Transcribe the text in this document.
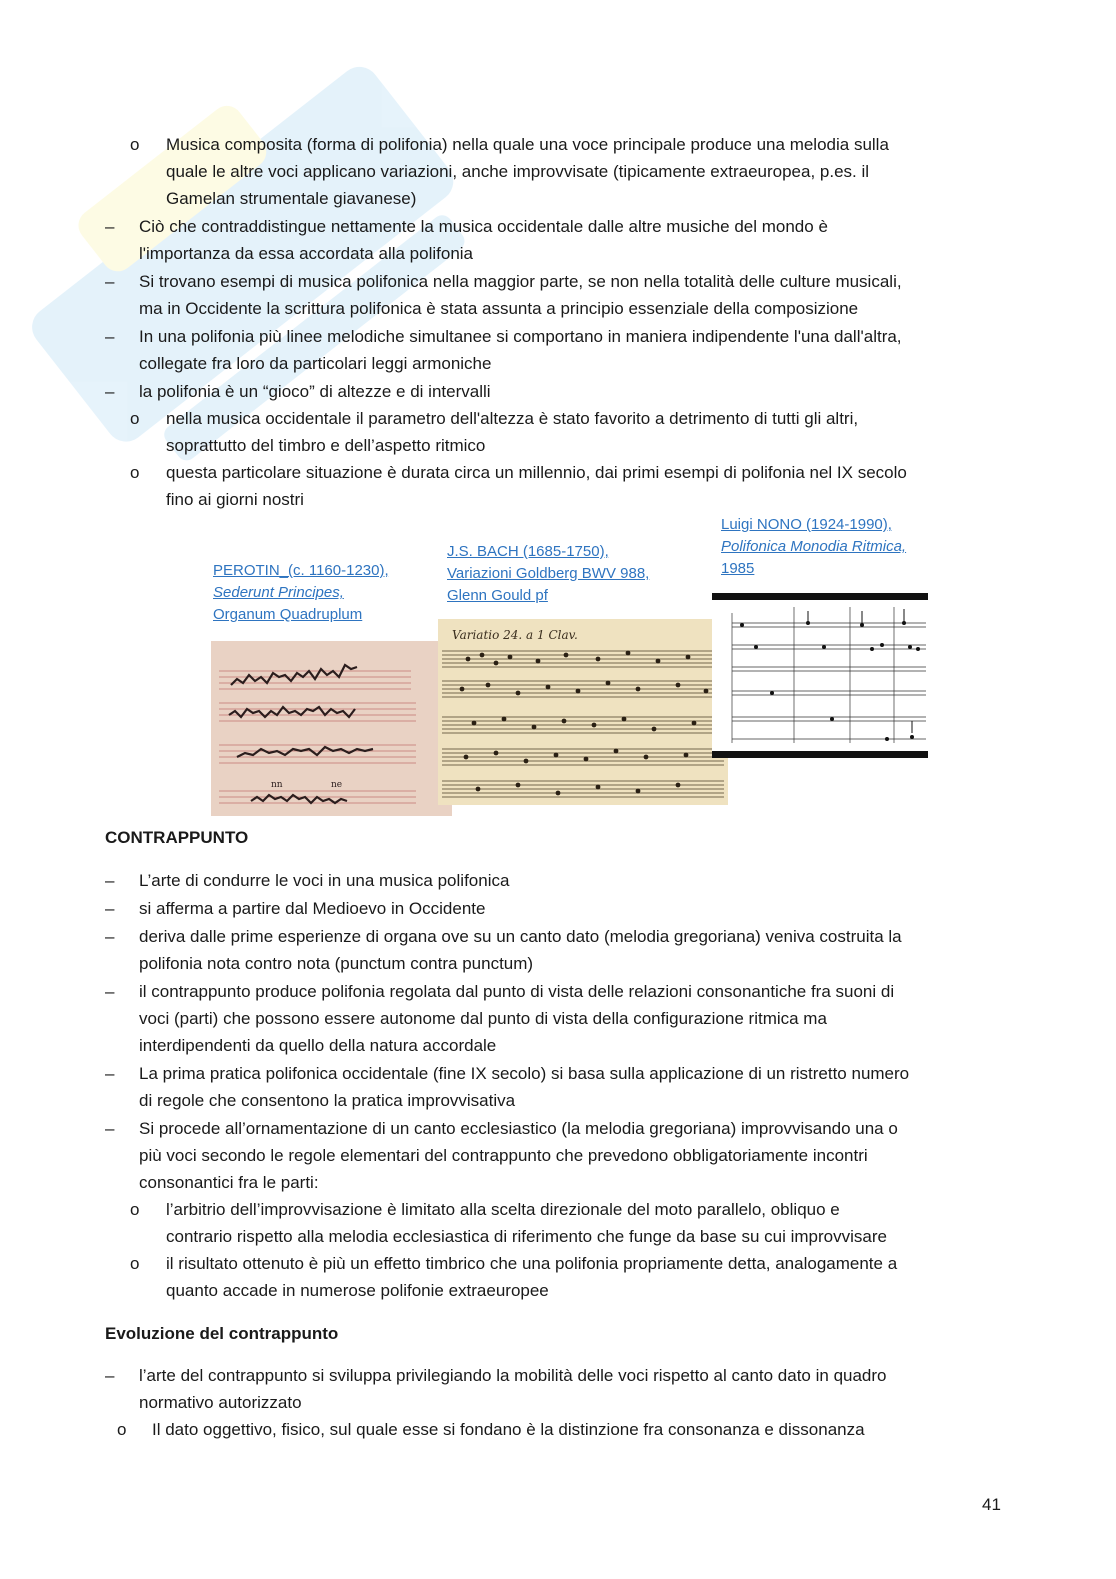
o Musica composita (forma di polifonia) nella quale una voce principale produce una melodia sulla
quale le altre voci applicano variazioni, anche improvvisate (tipicamente extraeuropea, p.es. il
Gamelan strumentale giavanese)
– Ciò che contraddistingue nettamente la musica occidentale dalle altre musiche del mondo è
l'importanza da essa accordata alla polifonia
– Si trovano esempi di musica polifonica nella maggior parte, se non nella totalità delle culture musicali,
ma in Occidente la scrittura polifonica è stata assunta a principio essenziale della composizione
– In una polifonia più linee melodiche simultanee si comportano in maniera indipendente l'una dall'altra,
collegate fra loro da particolari leggi armoniche
– la polifonia è un “gioco” di altezze e di intervalli
o nella musica occidentale il parametro dell'altezza è stato favorito a detrimento di tutti gli altri,
soprattutto del timbro e dell’aspetto ritmico
o questa particolare situazione è durata circa un millennio, dai primi esempi di polifonia nel IX secolo
fino ai giorni nostri
PEROTIN_(c. 1160-1230),
Sederunt Principes,
Organum Quadruplum
J.S. BACH (1685-1750),
Variazioni Goldberg BWV 988,
Glenn Gould pf
Luigi NONO (1924-1990),
Polifonica Monodia Ritmica,
1985
nn	ne
Variatio 24. a 1 Clav.
CONTRAPPUNTO
– L’arte di condurre le voci in una musica polifonica
– si afferma a partire dal Medioevo in Occidente
– deriva dalle prime esperienze di organa ove su un canto dato (melodia gregoriana) veniva costruita la
polifonia nota contro nota (punctum contra punctum)
– il contrappunto produce polifonia regolata dal punto di vista delle relazioni consonantiche fra suoni di
voci (parti) che possono essere autonome dal punto di vista della configurazione ritmica ma
interdipendenti da quello della natura accordale
– La prima pratica polifonica occidentale (fine IX secolo) si basa sulla applicazione di un ristretto numero
di regole che consentono la pratica improvvisativa
– Si procede all’ornamentazione di un canto ecclesiastico (la melodia gregoriana) improvvisando una o
più voci secondo le regole elementari del contrappunto che prevedono obbligatoriamente incontri
consonantici fra le parti:
o l’arbitrio dell’improvvisazione è limitato alla scelta direzionale del moto parallelo, obliquo e
contrario rispetto alla melodia ecclesiastica di riferimento che funge da base su cui improvvisare
o il risultato ottenuto è più un effetto timbrico che una polifonia propriamente detta, analogamente a
quanto accade in numerose polifonie extraeuropee
Evoluzione del contrappunto
– l’arte del contrappunto si sviluppa privilegiando la mobilità delle voci rispetto al canto dato in quadro
normativo autorizzato
o Il dato oggettivo, fisico, sul quale esse si fondano è la distinzione fra consonanza e dissonanza
41
